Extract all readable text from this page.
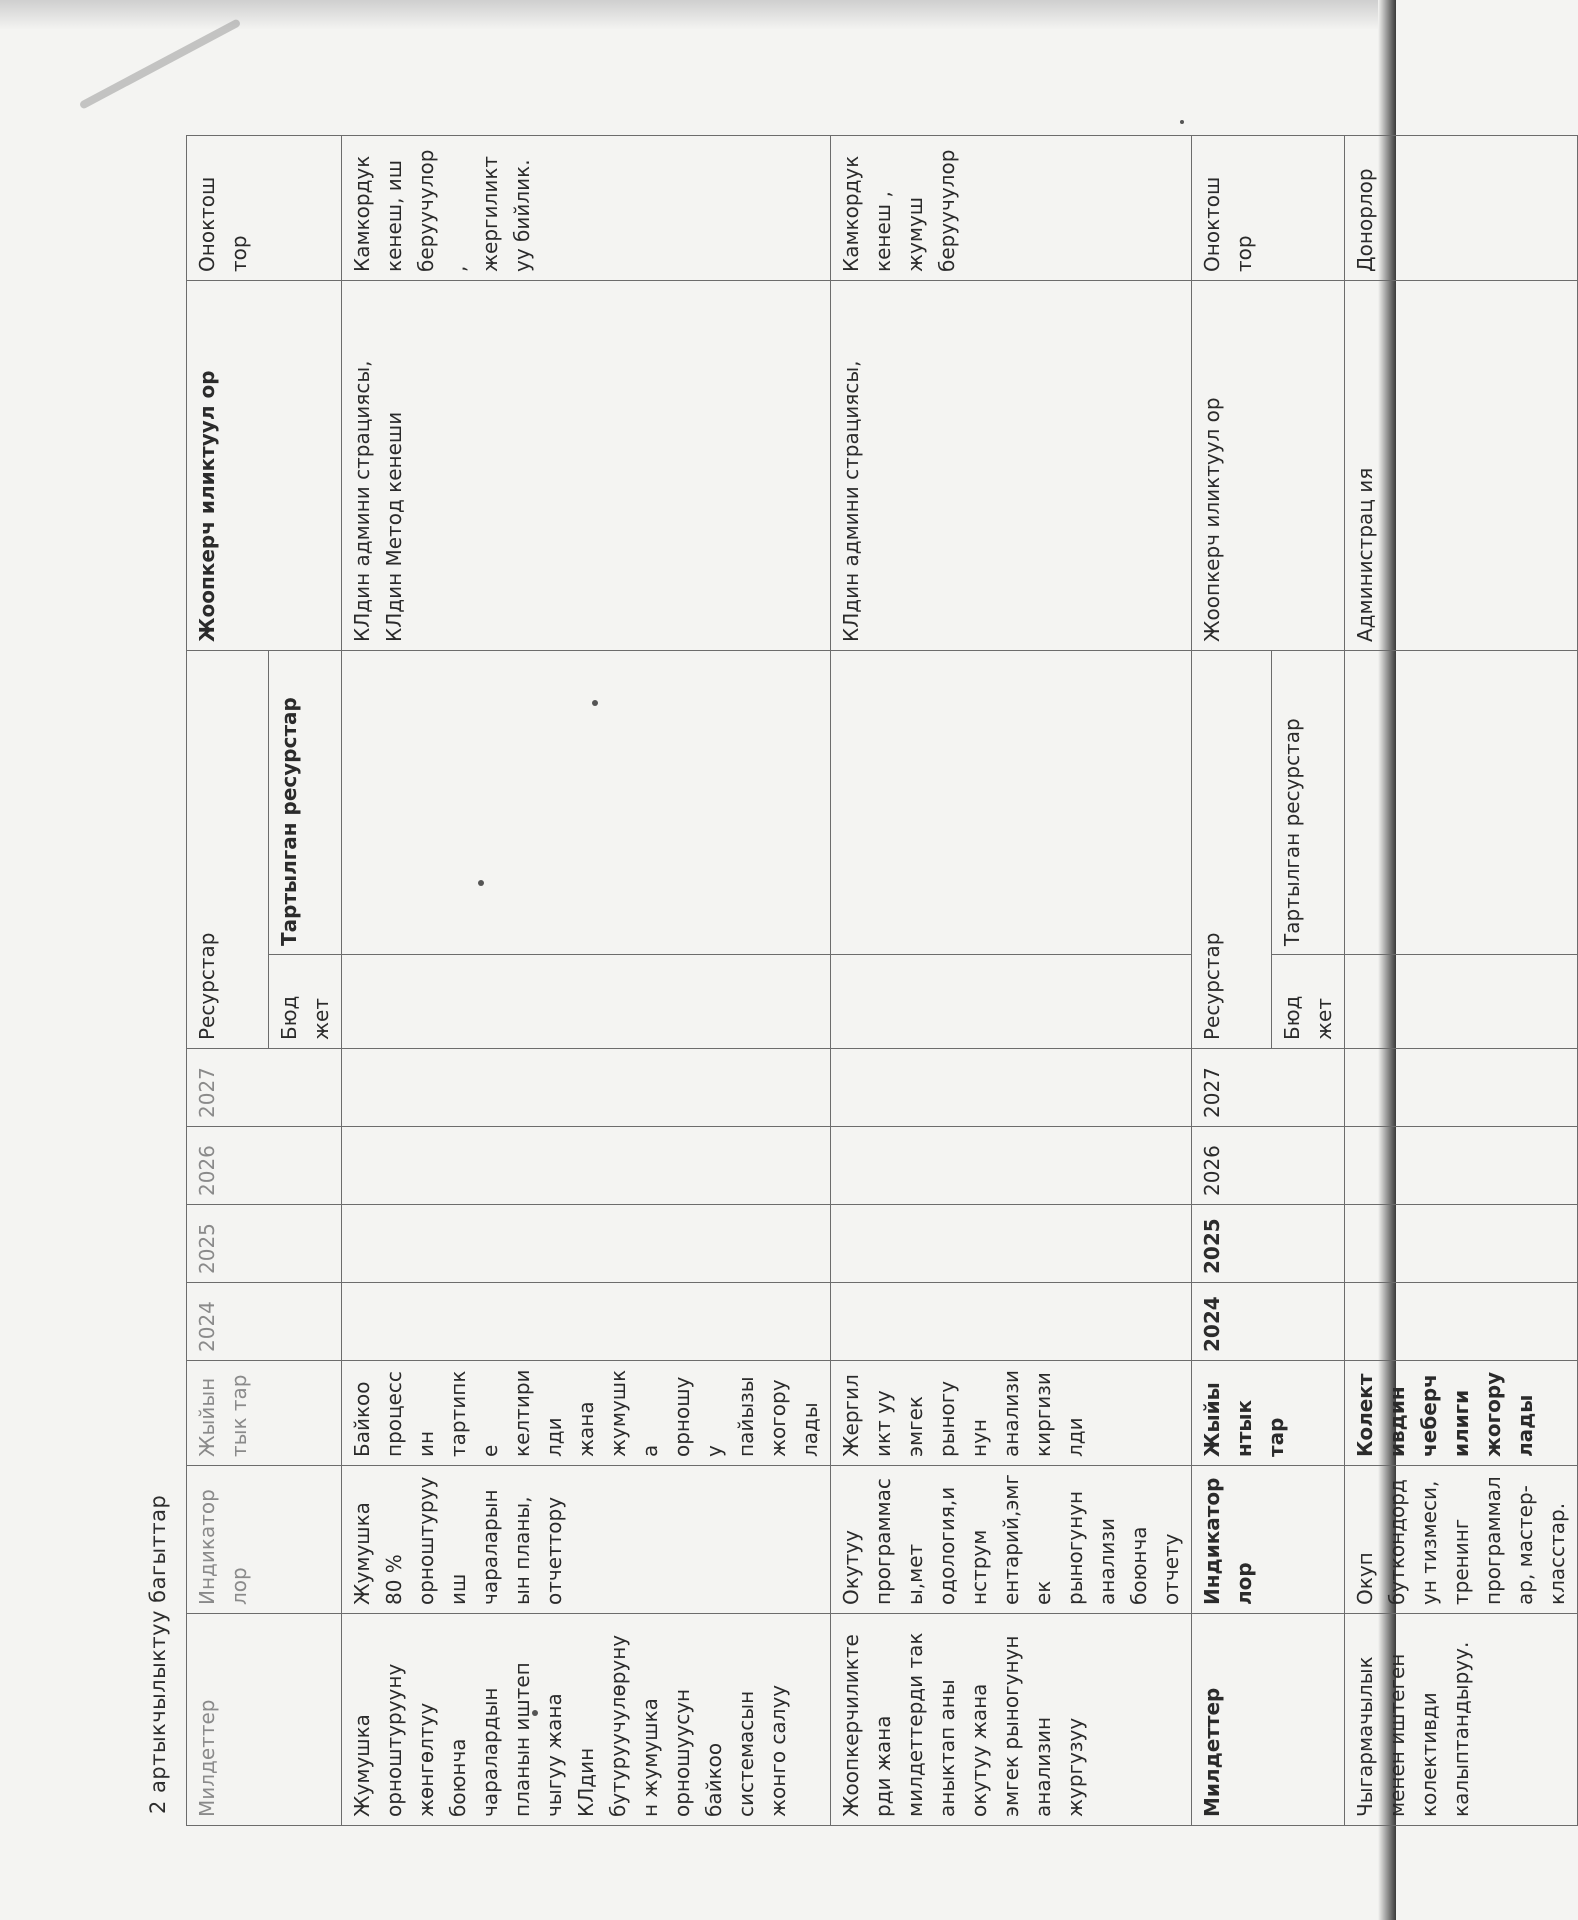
2 артыкчылыктуу багыттар Милдеттер	Индикатор лор	Жыйынтык тар	2024	2025	2026	2027	Ресурстар		Жоопкерч иликтуул ор	Оноктош тор
							Бюд жет	Тартылган ресурстар		
Жумушка орноштурууну жөнгөлтуу боюнча чаралардын планын иштеп чыгуу жана КЛдин бутуруучулөрунун жумушка орношуусун байкоо системасын жонго салуу	Жумушка 80 % орноштуруу иш чараларынын планы, отчеттору	Байкоо процессин тартипке келтирилди жана жумушка орношуу пайызы жогорулады							КЛдин админи страциясы, КЛдин Метод кенеши	Камкордук кенеш, иш беруучулор , жергиликт уу бийлик.
Жоопкерчиликтерди жана милдеттерди так аныктап аны окутуу жана эмгек рыногунун анализин жургузуу	Окутуу программасы,мет одология,инструм ентарий,эмгек рыногунун анализи боюнча отчету	Жергиликт уу эмгек рыногунун анализи киргизилди							КЛдин админи страциясы,	Камкордук кенеш , жумуш беруучулор
Милдеттер	Индикатор лор	Жыйынтык тар	2024	2025	2026	2027	Ресурстар		Жоопкерч иликтуул ор	Оноктош тор
							Бюд жет	Тартылган ресурстар		
Чыгармачылык менен иштеген колективди калыптандыруу.	Окуп буткондордун тизмеси, тренинг программалар, мастер-класстар.	Колективдин чеберчилиги жогорулады							Администрац ия	Донорлор
